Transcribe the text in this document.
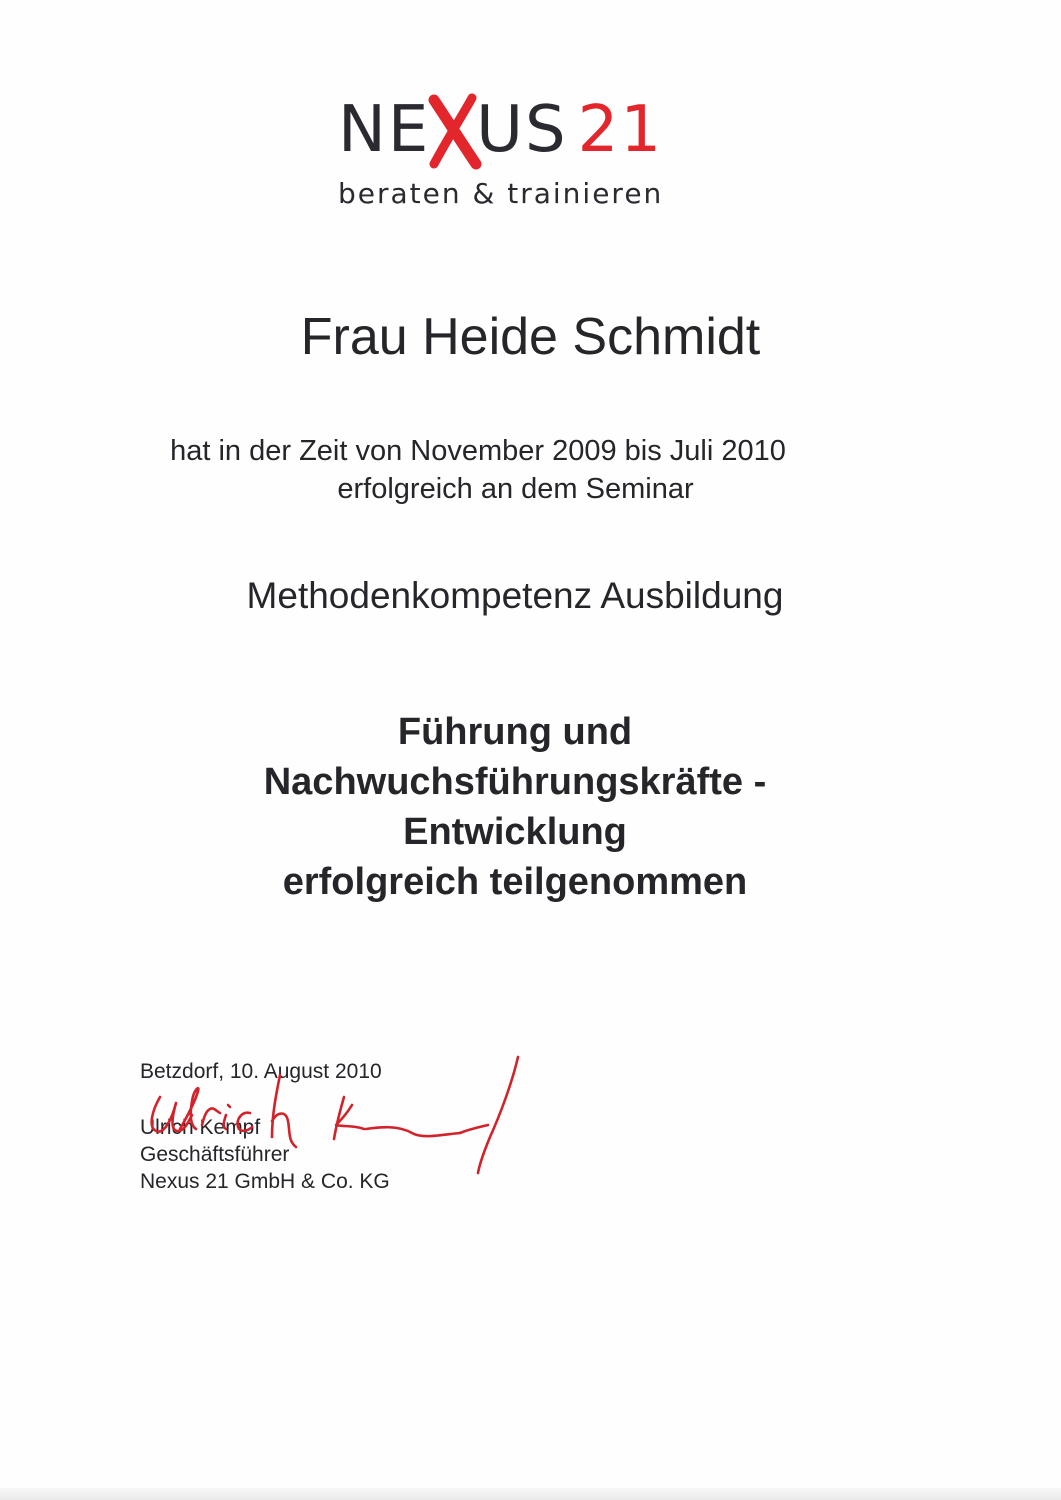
NE US 21
beraten & trainieren
Frau Heide Schmidt
hat in der Zeit von November 2009 bis Juli 2010
erfolgreich an dem Seminar
Methodenkompetenz Ausbildung
Führung und
Nachwuchsführungskräfte -
Entwicklung
erfolgreich teilgenommen
Betzdorf, 10. August 2010
Ulrich Kempf
Geschäftsführer
Nexus 21 GmbH & Co. KG
